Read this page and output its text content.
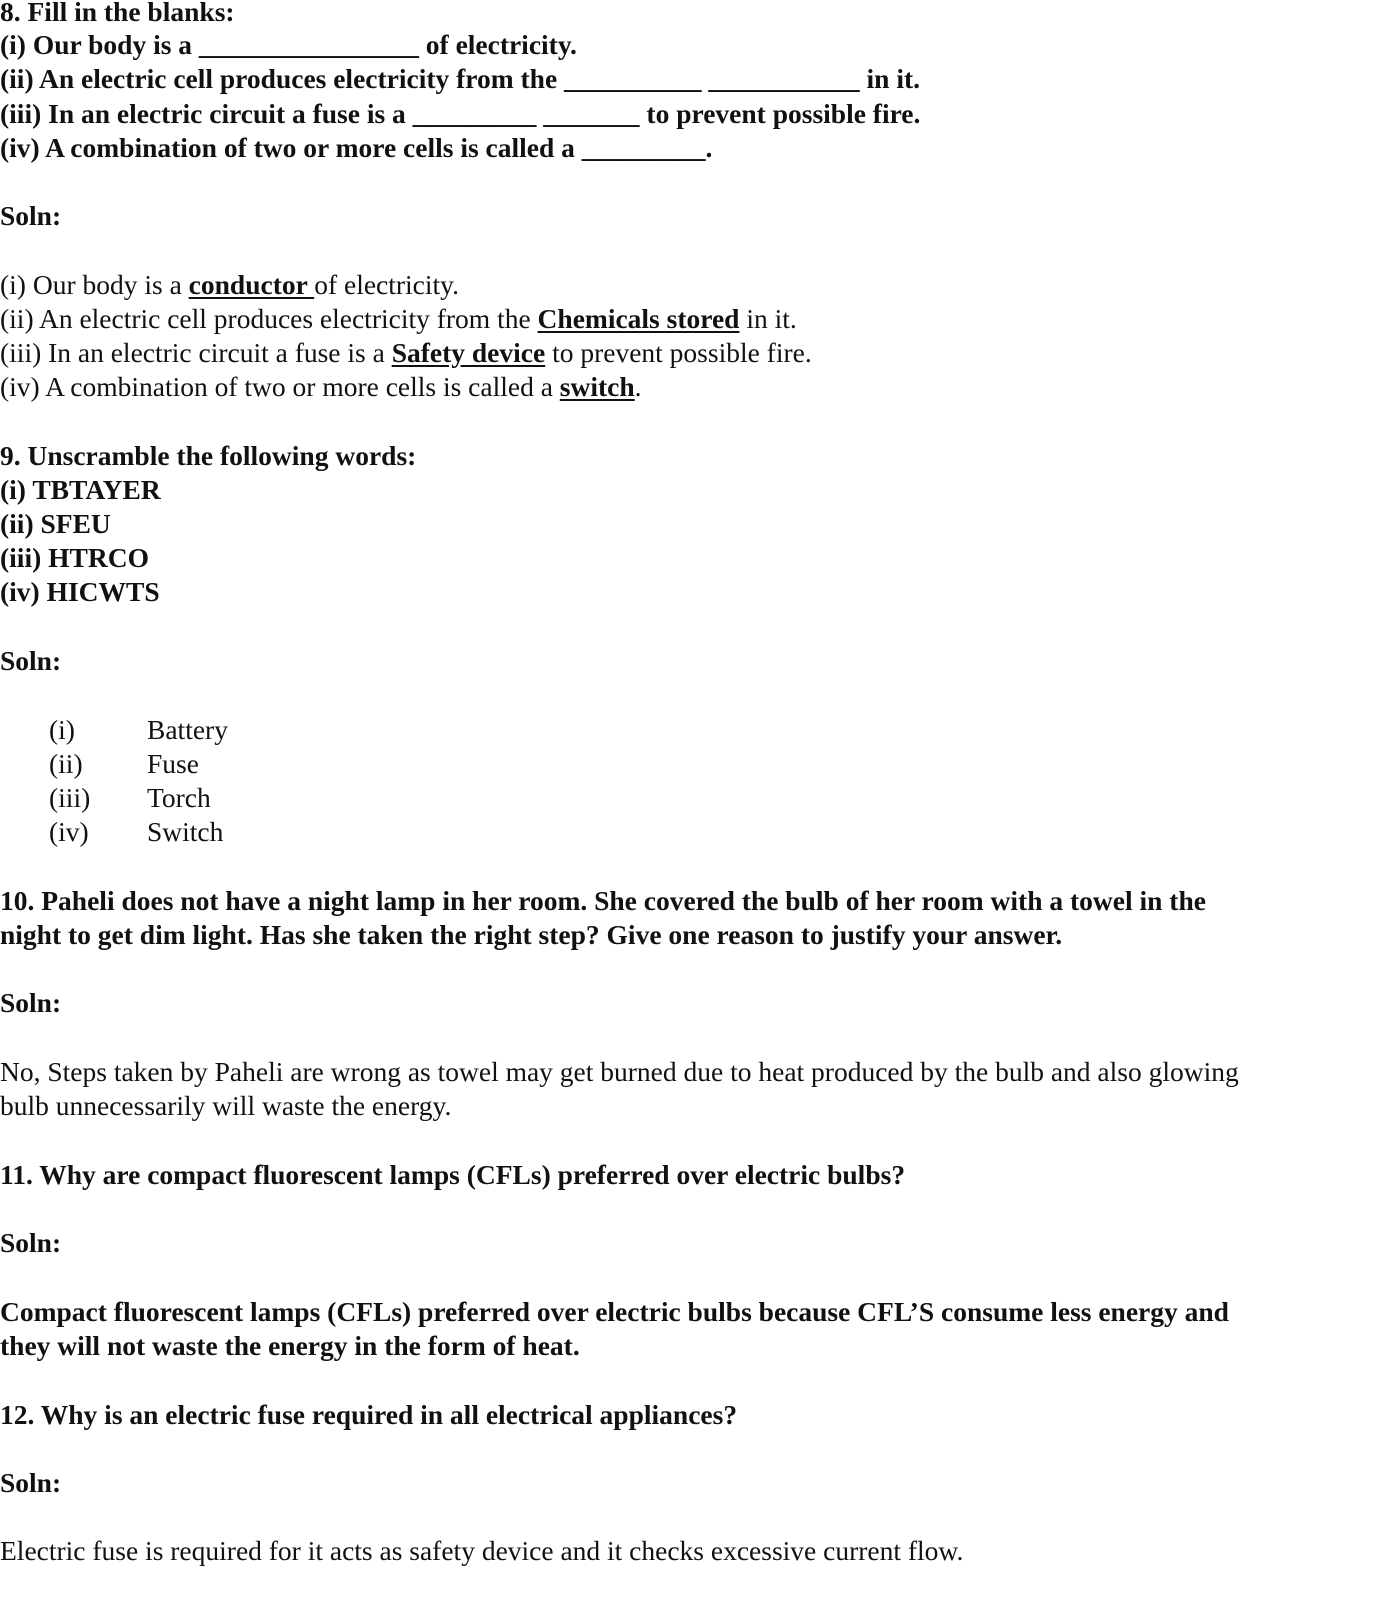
8. Fill in the blanks:
(i) Our body is a ________________ of electricity.
(ii) An electric cell produces electricity from the __________ ___________ in it.
(iii) In an electric circuit a fuse is a _________ _______ to prevent possible fire.
(iv) A combination of two or more cells is called a _________.
Soln:
(i) Our body is a conductor of electricity.
(ii) An electric cell produces electricity from the Chemicals stored in it.
(iii) In an electric circuit a fuse is a Safety device to prevent possible fire.
(iv) A combination of two or more cells is called a switch.
9. Unscramble the following words:
(i) TBTAYER
(ii) SFEU
(iii) HTRCO
(iv) HICWTS
Soln:
(i)	Battery
(ii) Fuse
(iii) Torch
(iv) Switch
10. Paheli does not have a night lamp in her room. She covered the bulb of her room with a towel in the
night to get dim light. Has she taken the right step? Give one reason to justify your answer.
Soln:
No, Steps taken by Paheli are wrong as towel may get burned due to heat produced by the bulb and also glowing
bulb unnecessarily will waste the energy.
11. Why are compact fluorescent lamps (CFLs) preferred over electric bulbs?
Soln:
Compact fluorescent lamps (CFLs) preferred over electric bulbs because CFL’S consume less energy and
they will not waste the energy in the form of heat.
12. Why is an electric fuse required in all electrical appliances?
Soln:
Electric fuse is required for it acts as safety device and it checks excessive current flow.
